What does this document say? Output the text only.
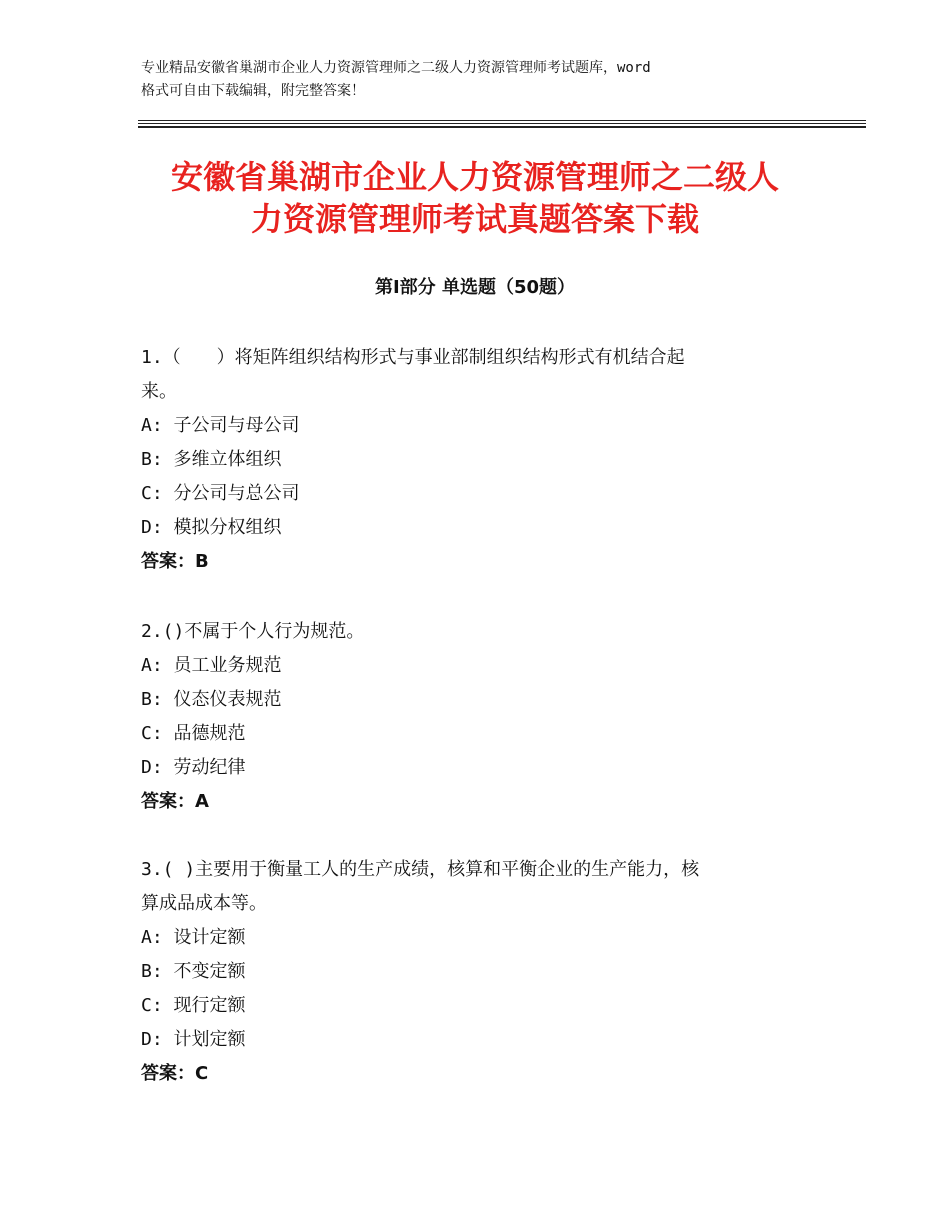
专业精品安徽省巢湖市企业人力资源管理师之二级人力资源管理师考试题库，word
格式可自由下载编辑，附完整答案！
安徽省巢湖市企业人力资源管理师之二级人
力资源管理师考试真题答案下载
第Ⅰ部分 单选题（50题）
1.（　　）将矩阵组织结构形式与事业部制组织结构形式有机结合起
来。
A: 子公司与母公司
B: 多维立体组织
C: 分公司与总公司
D: 模拟分权组织
答案：B
2.()不属于个人行为规范。
A: 员工业务规范
B: 仪态仪表规范
C: 品德规范
D: 劳动纪律
答案：A
3.( )主要用于衡量工人的生产成绩，核算和平衡企业的生产能力，核
算成品成本等。
A: 设计定额
B: 不变定额
C: 现行定额
D: 计划定额
答案：C
